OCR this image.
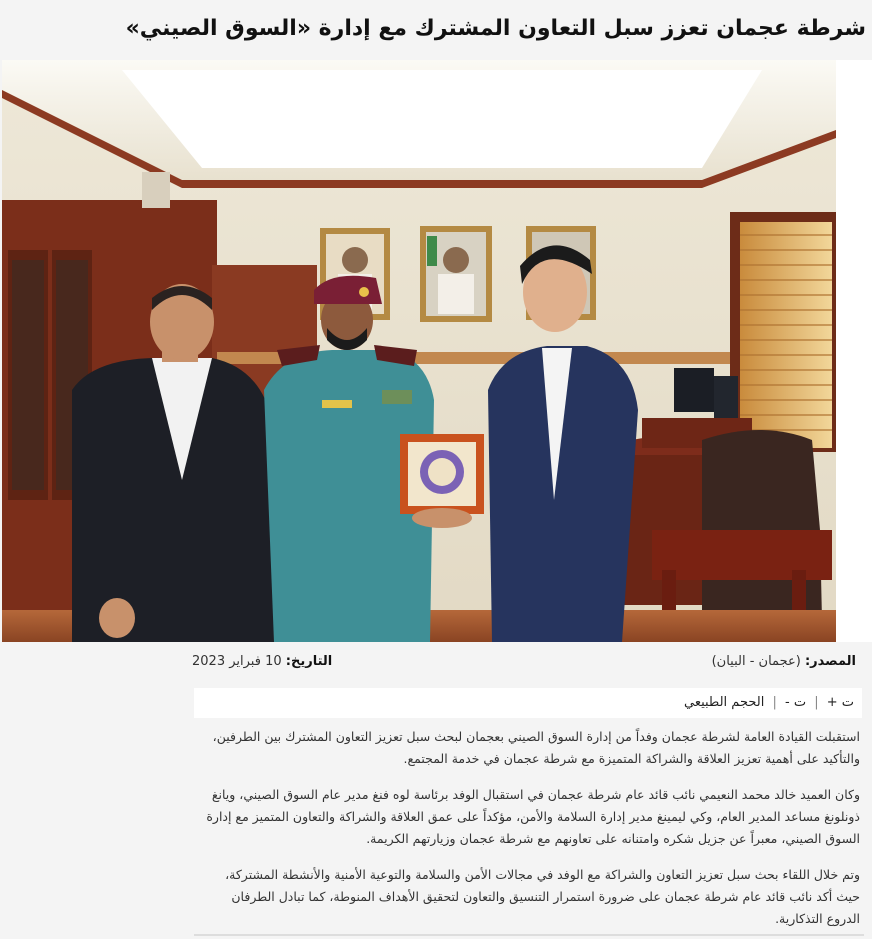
شرطة عجمان تعزز سبل التعاون المشترك مع إدارة «السوق الصيني»
المصدر: (عجمان - البيان)
التاريخ: 10 فبراير 2023
ت + | ت - | الحجم الطبيعي

استقبلت القيادة العامة لشرطة عجمان وفداً من إدارة السوق الصيني بعجمان لبحث سبل تعزيز التعاون المشترك بين الطرفين، والتأكيد على أهمية تعزيز العلاقة والشراكة المتميزة مع شرطة عجمان في خدمة المجتمع.

وكان العميد خالد محمد النعيمي نائب قائد عام شرطة عجمان في استقبال الوفد برئاسة لوه فنغ مدير عام السوق الصيني، ويانغ ذونلونغ مساعد المدير العام، وكي ليمينغ مدير إدارة السلامة والأمن، مؤكداً على عمق العلاقة والشراكة والتعاون المتميز مع إدارة السوق الصيني، معبراً عن جزيل شكره وامتنانه على تعاونهم مع شرطة عجمان وزيارتهم الكريمة.

وتم خلال اللقاء بحث سبل تعزيز التعاون والشراكة مع الوفد في مجالات الأمن والسلامة والتوعية الأمنية والأنشطة المشتركة، حيث أكد نائب قائد عام شرطة عجمان على ضرورة استمرار التنسيق والتعاون لتحقيق الأهداف المنوطة، كما تبادل الطرفان الدروع التذكارية.
